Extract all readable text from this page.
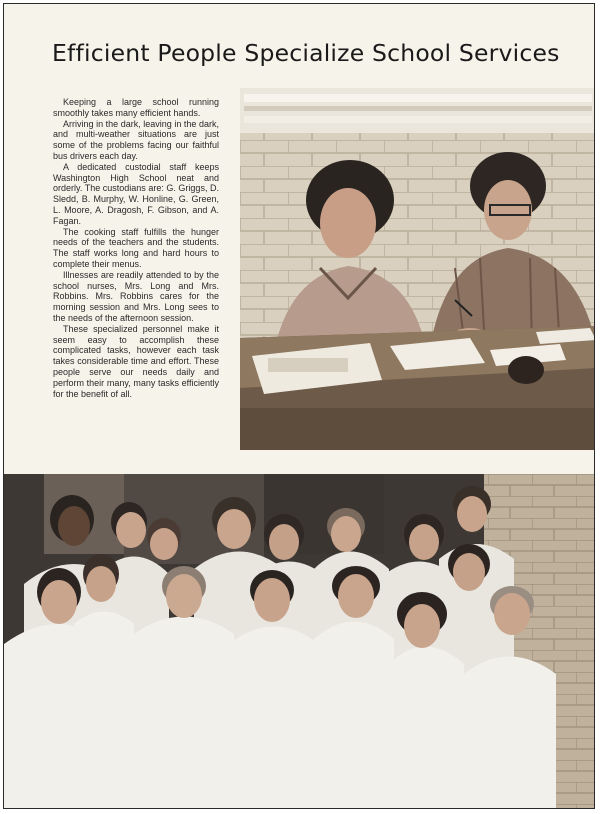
Efficient People Specialize School Services

Keeping a large school running smoothly takes many efficient hands.

Arriving in the dark, leaving in the dark, and multi-weather situations are just some of the problems facing our faithful bus drivers each day.

A dedicated custodial staff keeps Washington High School neat and orderly. The custodians are: G. Griggs, D. Sledd, B. Murphy, W. Honline, G. Green, L. Moore, A. Dragosh, F. Gibson, and A. Fagan.

The cooking staff fulfills the hunger needs of the teachers and the students. The staff works long and hard hours to complete their menus.

Illnesses are readily attended to by the school nurses, Mrs. Long and Mrs. Robbins. Mrs. Robbins cares for the morning session and Mrs. Long sees to the needs of the afternoon session.

These specialized personnel make it seem easy to accomplish these complicated tasks, however each task takes considerable time and effort. These people serve our needs daily and perform their many, many tasks efficiently for the benefit of all.
